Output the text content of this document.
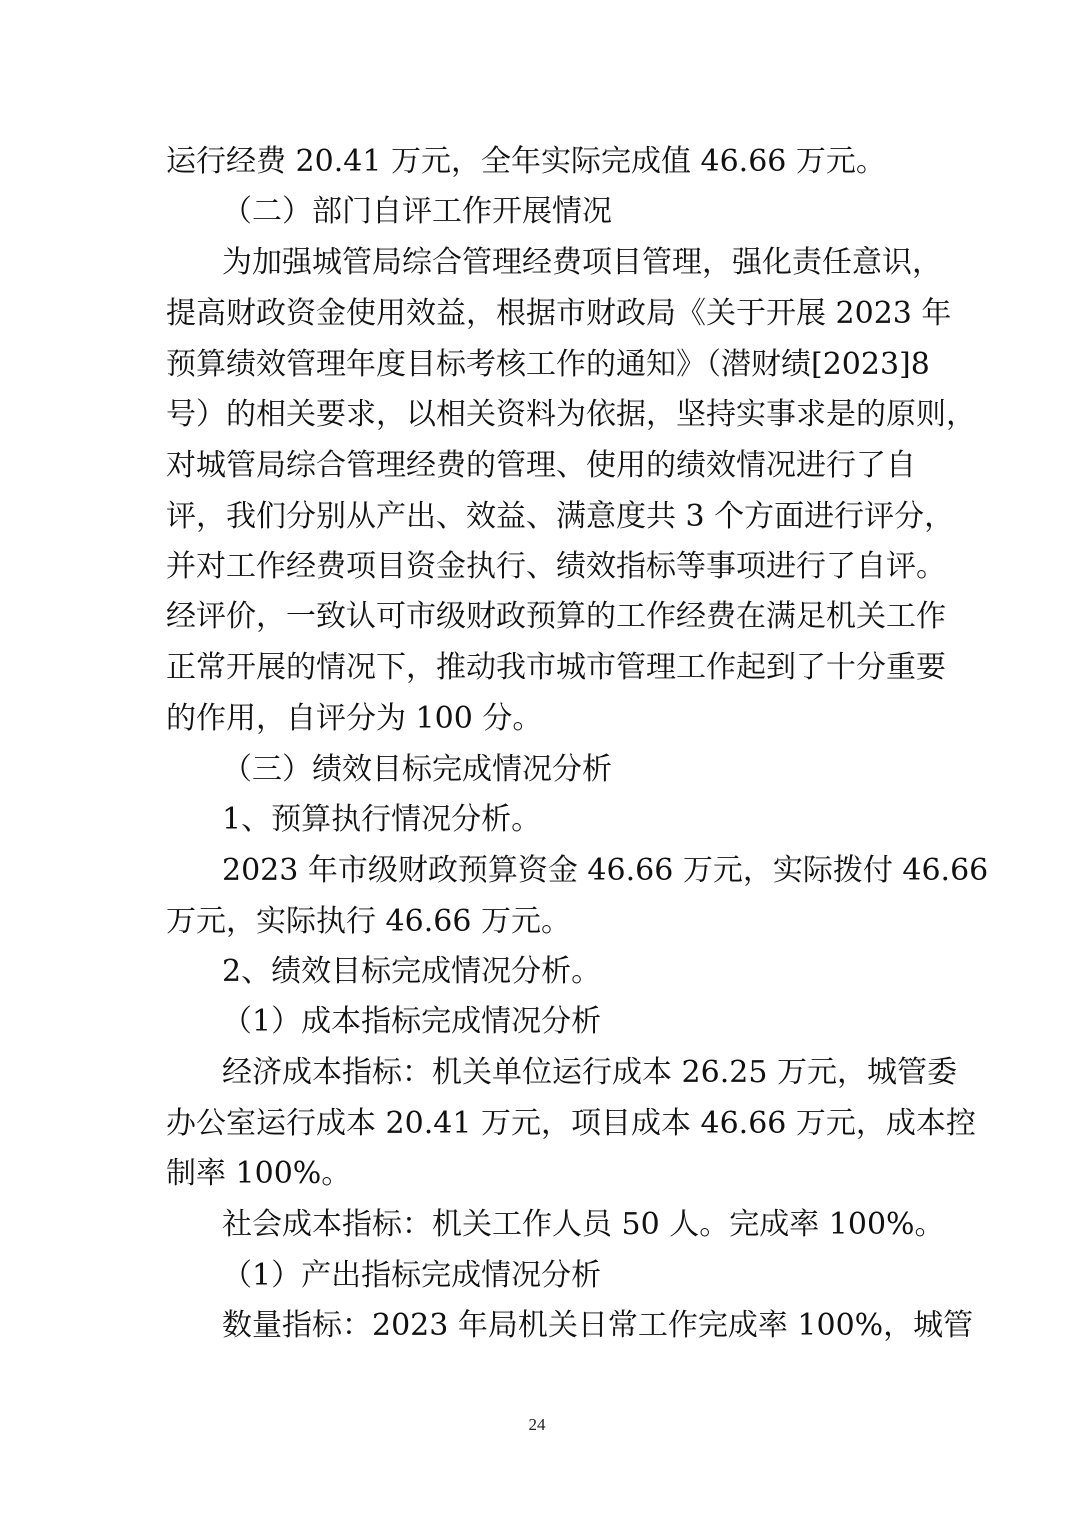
运行经费 20.41 万元，全年实际完成值 46.66 万元。
（二）部门自评工作开展情况
为加强城管局综合管理经费项目管理，强化责任意识，
提高财政资金使用效益，根据市财政局《关于开展 2023 年
预算绩效管理年度目标考核工作的通知》（潜财绩[2023]8
号）的相关要求，以相关资料为依据，坚持实事求是的原则，
对城管局综合管理经费的管理、使用的绩效情况进行了自
评，我们分别从产出、效益、满意度共 3 个方面进行评分，
并对工作经费项目资金执行、绩效指标等事项进行了自评。
经评价，一致认可市级财政预算的工作经费在满足机关工作
正常开展的情况下，推动我市城市管理工作起到了十分重要
的作用，自评分为 100 分。
（三）绩效目标完成情况分析
1、预算执行情况分析。
2023 年市级财政预算资金 46.66 万元，实际拨付 46.66
万元，实际执行 46.66 万元。
2、绩效目标完成情况分析。
（1）成本指标完成情况分析
经济成本指标：机关单位运行成本 26.25 万元，城管委
办公室运行成本 20.41 万元，项目成本 46.66 万元，成本控
制率 100%。
社会成本指标：机关工作人员 50 人。完成率 100%。
（1）产出指标完成情况分析
数量指标：2023 年局机关日常工作完成率 100%，城管
24
